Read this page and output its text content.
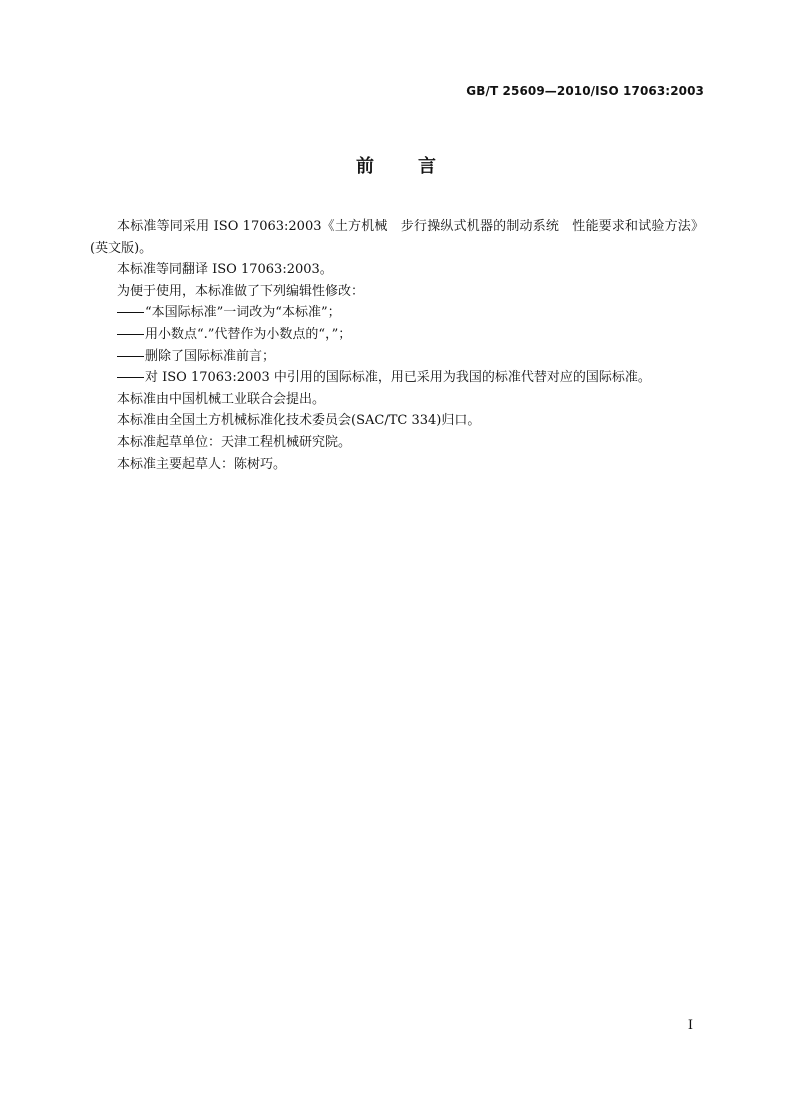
GB/T 25609—2010/ISO 17063:2003
前言

本标准等同采用 ISO 17063:2003《土方机械　步行操纵式机器的制动系统　性能要求和试验方法》(英文版)。

本标准等同翻译 ISO 17063:2003。

为便于使用，本标准做了下列编辑性修改：

“本国际标准”一词改为“本标准”；

用小数点“.”代替作为小数点的“，”；

删除了国际标准前言；

对 ISO 17063:2003 中引用的国际标准，用已采用为我国的标准代替对应的国际标准。

本标准由中国机械工业联合会提出。

本标准由全国土方机械标准化技术委员会(SAC/TC 334)归口。

本标准起草单位：天津工程机械研究院。

本标准主要起草人：陈树巧。

I
